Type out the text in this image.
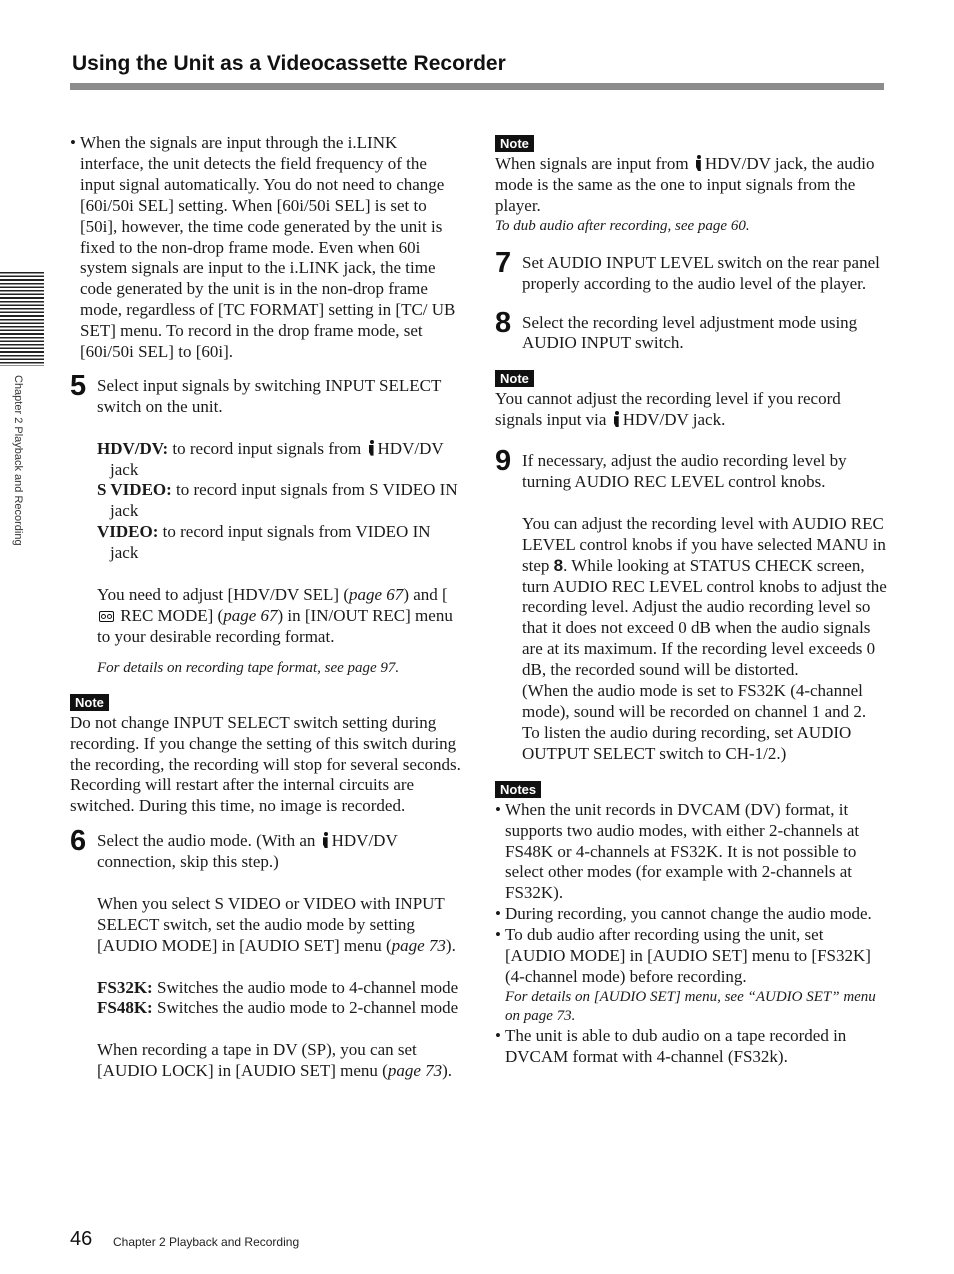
Using the Unit as a Videocassette Recorder
Chapter 2 Playback and Recording
• When the signals are input through the i.LINK interface, the unit detects the field frequency of the input signal automatically. You do not need to change [60i/50i SEL] setting. When [60i/50i SEL] is set to [50i], however, the time code generated by the unit is fixed to the non-drop frame mode. Even when 60i system signals are input to the i.LINK jack, the time code generated by the unit is in the non-drop frame mode, regardless of [TC FORMAT] setting in [TC/ UB SET] menu. To record in the drop frame mode, set [60i/50i SEL] to [60i].
5 Select input signals by switching INPUT SELECT switch on the unit.

HDV/DV: to record input signals from HDV/DV jack

S VIDEO: to record input signals from S VIDEO IN jack

VIDEO: to record input signals from VIDEO IN jack

You need to adjust [HDV/DV SEL] (page 67) and [ REC MODE] (page 67) in [IN/OUT REC] menu to your desirable recording format.

For details on recording tape format, see page 97.

Note

Do not change INPUT SELECT switch setting during recording. If you change the setting of this switch during the recording, the recording will stop for several seconds. Recording will restart after the internal circuits are switched. During this time, no image is recorded.

6 Select the audio mode. (With an HDV/DV connection, skip this step.)

When you select S VIDEO or VIDEO with INPUT SELECT switch, set the audio mode by setting [AUDIO MODE] in [AUDIO SET] menu (page 73).

FS32K: Switches the audio mode to 4-channel mode

FS48K: Switches the audio mode to 2-channel mode

When recording a tape in DV (SP), you can set [AUDIO LOCK] in [AUDIO SET] menu (page 73).

Note

When signals are input from HDV/DV jack, the audio mode is the same as the one to input signals from the player.

To dub audio after recording, see page 60.

7 Set AUDIO INPUT LEVEL switch on the rear panel properly according to the audio level of the player.

8 Select the recording level adjustment mode using AUDIO INPUT switch.

Note

You cannot adjust the recording level if you record signals input via HDV/DV jack.

9 If necessary, adjust the audio recording level by turning AUDIO REC LEVEL control knobs.

You can adjust the recording level with AUDIO REC LEVEL control knobs if you have selected MANU in step 8. While looking at STATUS CHECK screen, turn AUDIO REC LEVEL control knobs to adjust the recording level. Adjust the audio recording level so that it does not exceed 0 dB when the audio signals are at its maximum. If the recording level exceeds 0 dB, the recorded sound will be distorted.

(When the audio mode is set to FS32K (4-channel mode), sound will be recorded on channel 1 and 2. To listen the audio during recording, set AUDIO OUTPUT SELECT switch to CH-1/2.)

Notes
• When the unit records in DVCAM (DV) format, it supports two audio modes, with either 2-channels at FS48K or 4-channels at FS32K. It is not possible to select other modes (for example with 2-channels at FS32K).
• During recording, you cannot change the audio mode.
• To dub audio after recording using the unit, set [AUDIO MODE] in [AUDIO SET] menu to [FS32K] (4-channel mode) before recording.

For details on [AUDIO SET] menu, see “AUDIO SET” menu on page 73.

• The unit is able to dub audio on a tape recorded in DVCAM format with 4-channel (FS32k).
46 Chapter 2 Playback and Recording
